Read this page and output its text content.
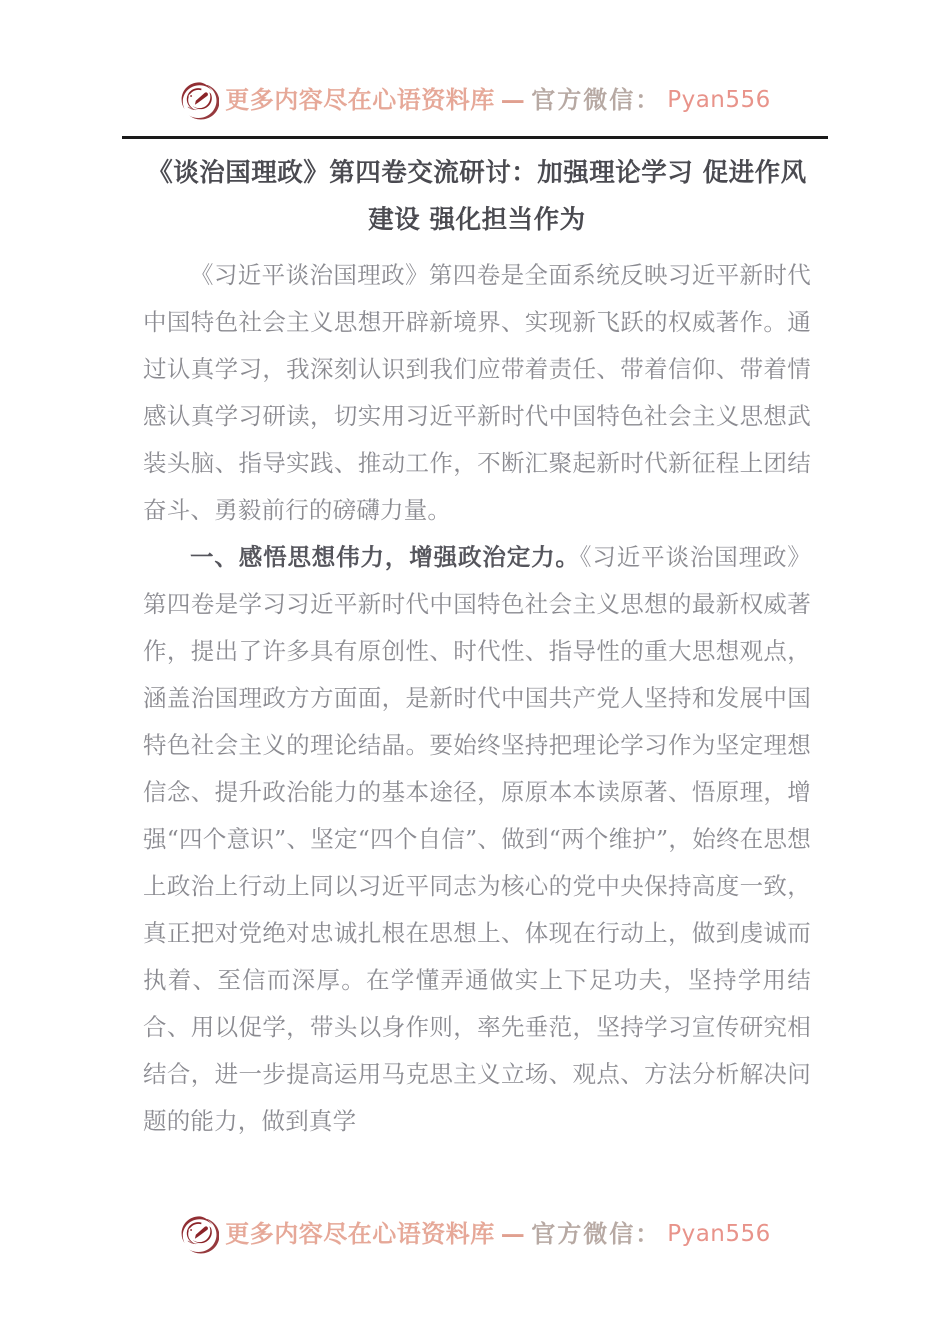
更多内容尽在心语资料库 — 官方微信： Pyan556
《谈治国理政》第四卷交流研讨：加强理论学习 促进作风建设 强化担当作为

《习近平谈治国理政》第四卷是全面系统反映习近平新时代中国特色社会主义思想开辟新境界、实现新飞跃的权威著作。通过认真学习，我深刻认识到我们应带着责任、带着信仰、带着情感认真学习研读，切实用习近平新时代中国特色社会主义思想武装头脑、指导实践、推动工作，不断汇聚起新时代新征程上团结奋斗、勇毅前行的磅礴力量。

一、感悟思想伟力，增强政治定力。《习近平谈治国理政》第四卷是学习习近平新时代中国特色社会主义思想的最新权威著作，提出了许多具有原创性、时代性、指导性的重大思想观点，涵盖治国理政方方面面，是新时代中国共产党人坚持和发展中国特色社会主义的理论结晶。要始终坚持把理论学习作为坚定理想信念、提升政治能力的基本途径，原原本本读原著、悟原理，增强“四个意识”、坚定“四个自信”、做到“两个维护”，始终在思想上政治上行动上同以习近平同志为核心的党中央保持高度一致，真正把对党绝对忠诚扎根在思想上、体现在行动上，做到虔诚而执着、至信而深厚。在学懂弄通做实上下足功夫，坚持学用结合、用以促学，带头以身作则，率先垂范，坚持学习宣传研究相结合，进一步提高运用马克思主义立场、观点、方法分析解决问题的能力，做到真学

更多内容尽在心语资料库 — 官方微信： Pyan556
